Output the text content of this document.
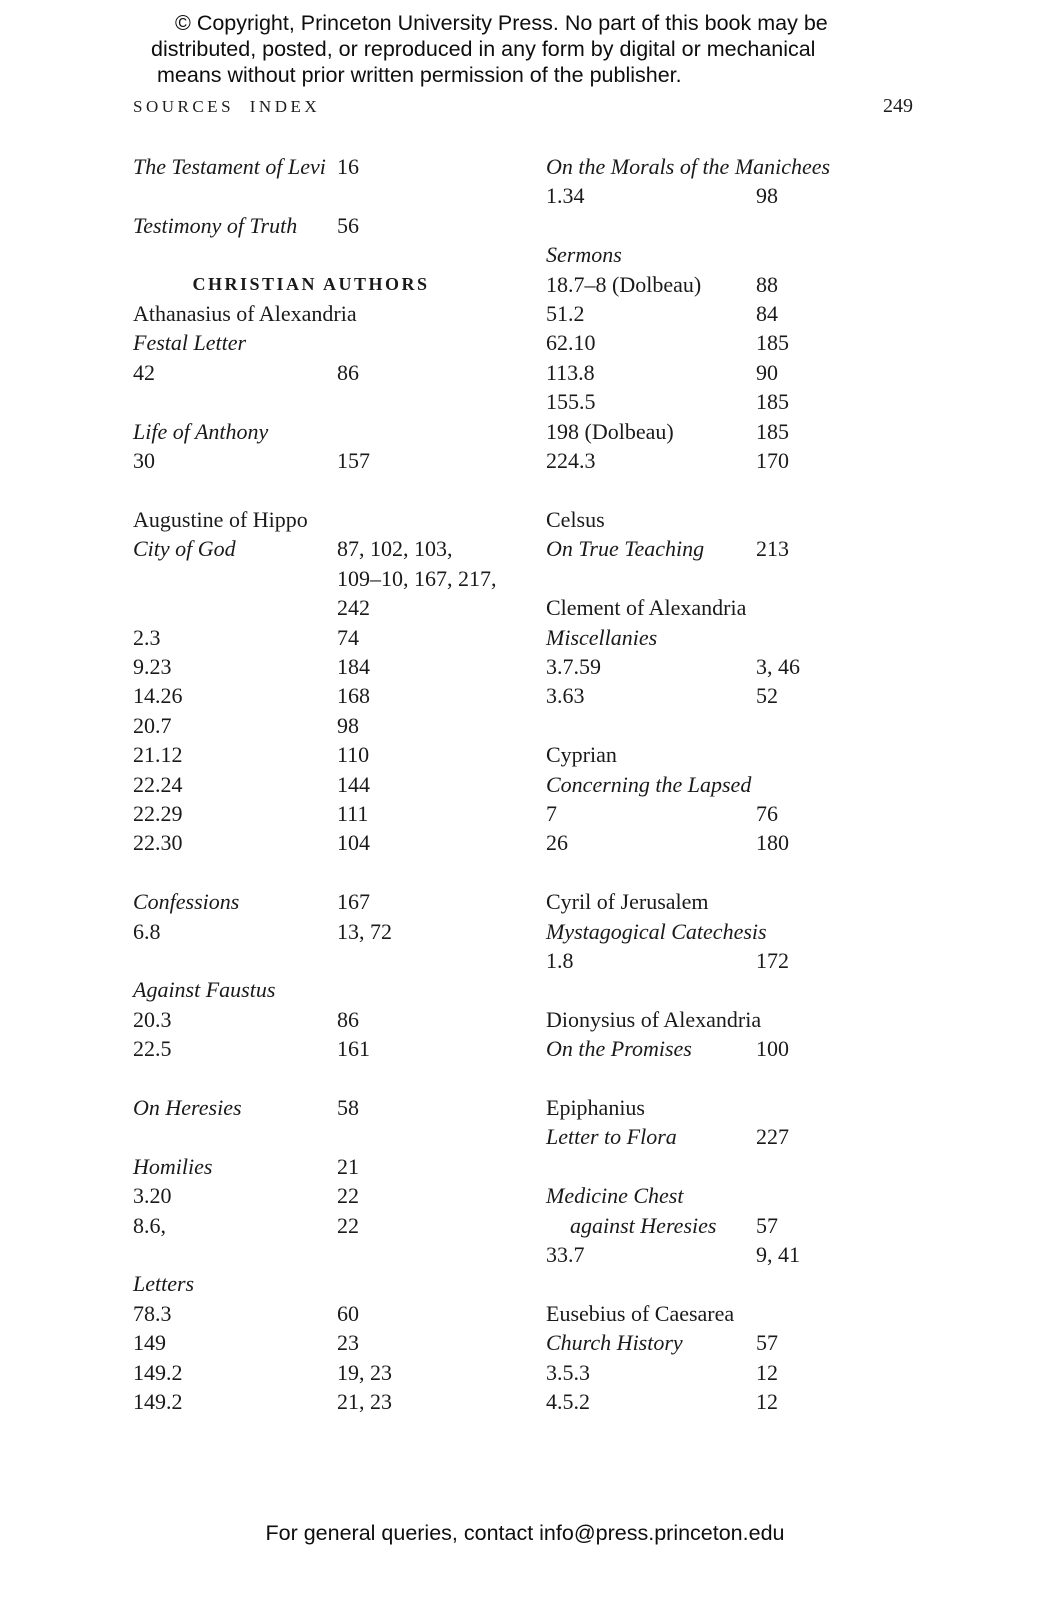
© Copyright, Princeton University Press. No part of this book may be
distributed, posted, or reproduced in any form by digital or mechanical
means without prior written permission of the publisher.
SOURCES INDEX	249
The Testament of Levi 16
Testimony of Truth 56
CHRISTIAN AUTHORS
Athanasius of Alexandria
Festal Letter
42	86
Life of Anthony
30	157
Augustine of Hippo
City of God	87, 102, 103,
109–10, 167, 217,
242
2.3	74
9.23	184
14.26	168
20.7	98
21.12	110
22.24	144
22.29	111
22.30	104
Confessions	167
6.8	13, 72
Against Faustus
20.3	86
22.5	161
On Heresies	58
Homilies	21
3.20	22
8.6,	22
Letters
78.3	60
149	23
149.2	19, 23
149.2	21, 23
On the Morals of the Manichees
1.34	98
Sermons
18.7–8 (Dolbeau) 88
51.2	84
62.10	185
113.8	90
155.5	185
198 (Dolbeau)	185
224.3	170
Celsus
On True Teaching 213
Clement of Alexandria
Miscellanies
3.7.59	3, 46
3.63	52
Cyprian
Concerning the Lapsed
7	76
26	180
Cyril of Jerusalem
Mystagogical Catechesis
1.8	172
Dionysius of Alexandria
On the Promises	100
Epiphanius
Letter to Flora	227
Medicine Chest
against Heresies 57
33.7	9, 41
Eusebius of Caesarea
Church History	57
3.5.3	12
4.5.2	12
For general queries, contact info@press.princeton.edu
